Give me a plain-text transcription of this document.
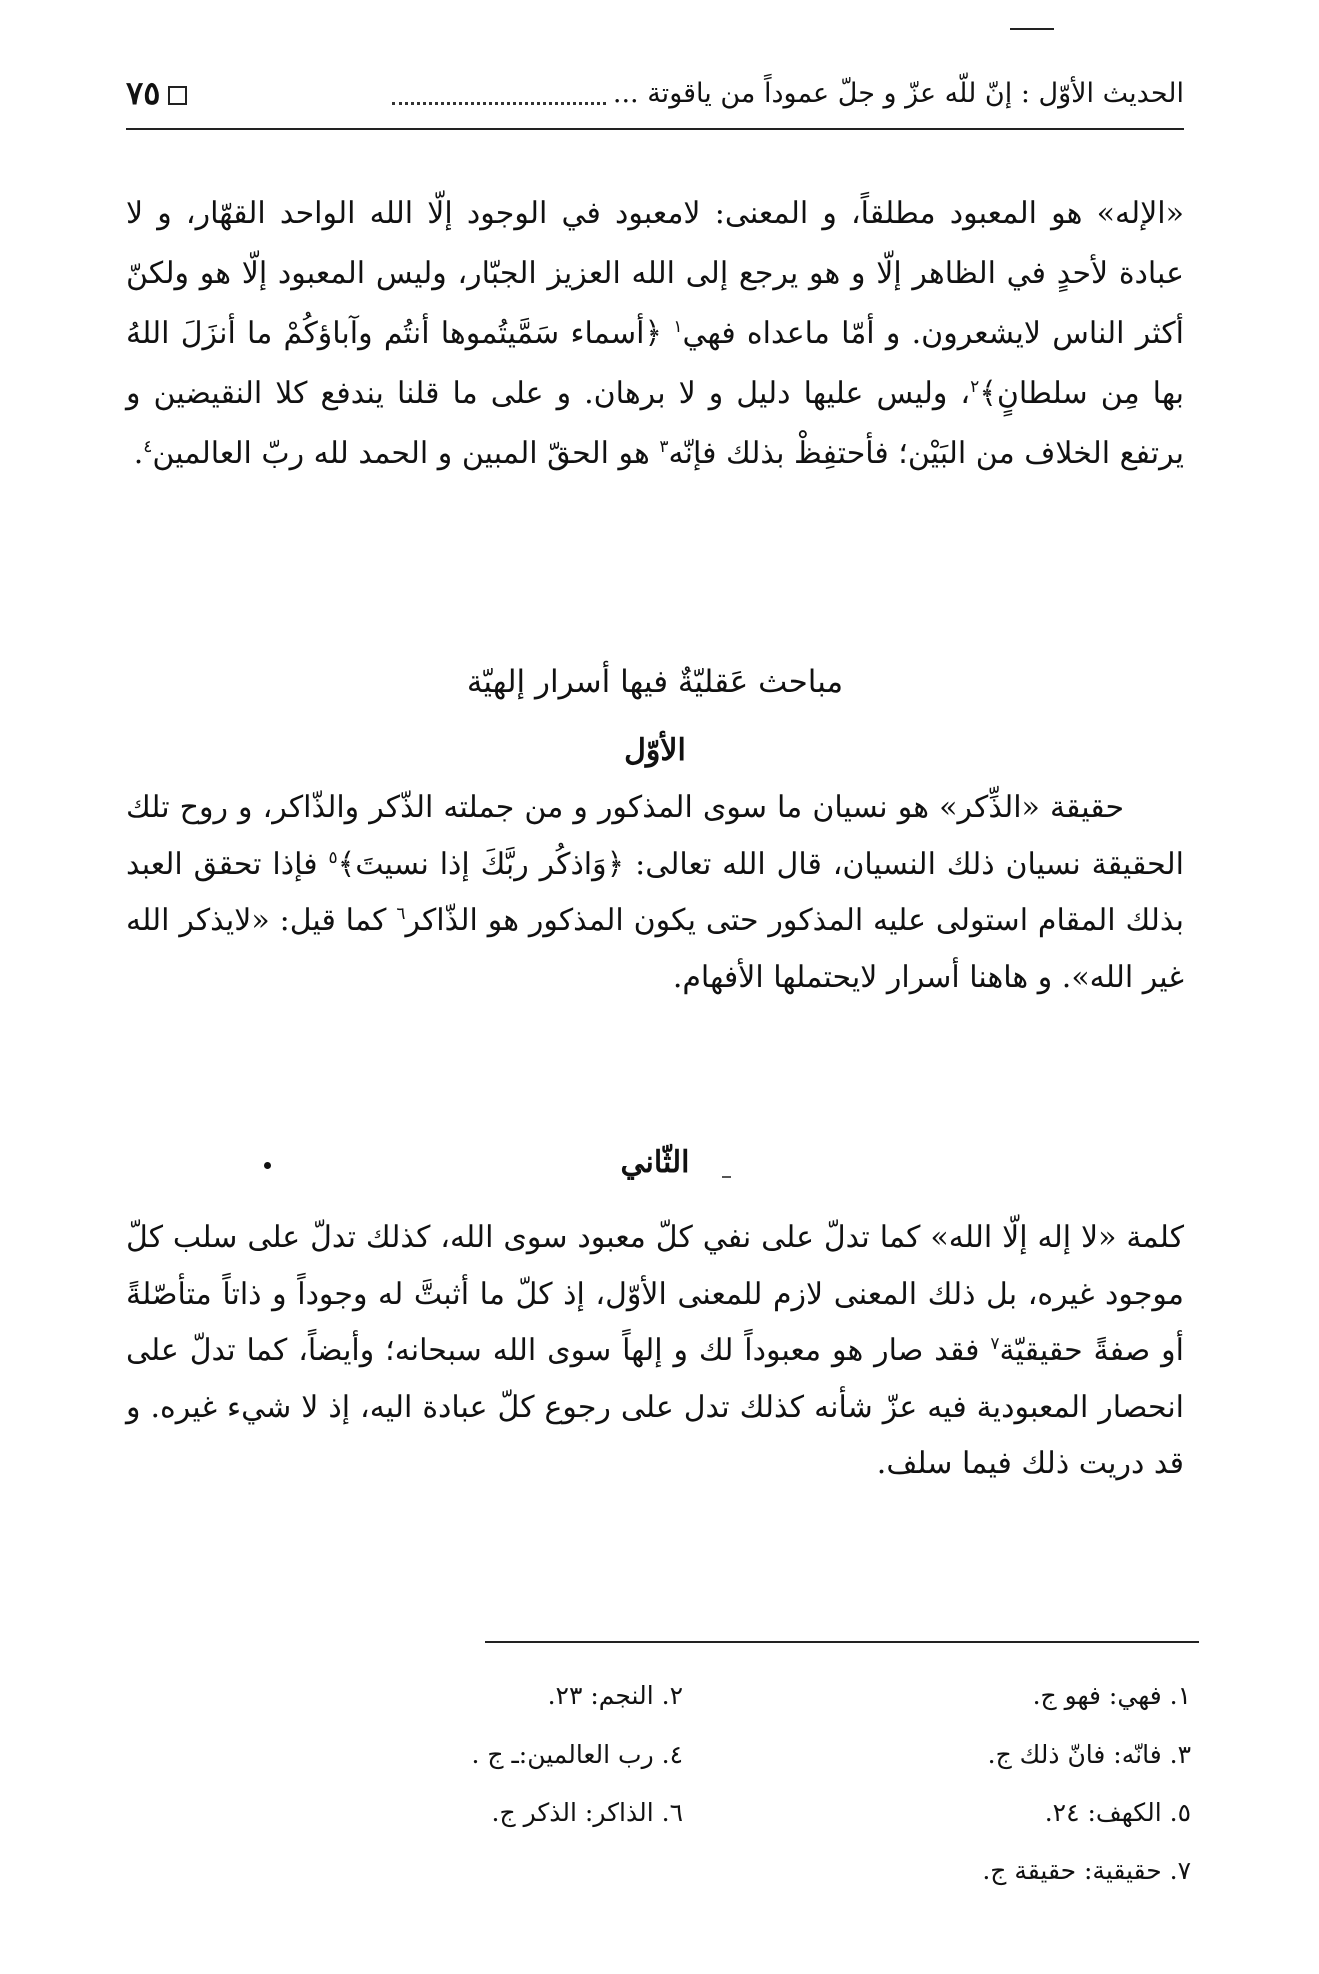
الحديث الأوّل : إنّ للّه عزّ و جلّ عموداً من ياقوتة ...
٧٥

«الإله» هو المعبود مطلقاً، و المعنى: لامعبود في الوجود إلّا الله الواحد القهّار، و لا عبادة لأحدٍ في الظاهر إلّا و هو يرجع إلى الله العزيز الجبّار، وليس المعبود إلّا هو ولكنّ أكثر الناس لايشعرون. و أمّا ماعداه فهي$^١$ ﴿أسماء سَمَّيتُموها أنتُم وآباؤكُمْ ما أنزَلَ اللهُ بها مِن سلطانٍ﴾$^٢$، وليس عليها دليل و لا برهان. و على ما قلنا يندفع كلا النقيضين و يرتفع الخلاف من البَيْن؛ فأحتفِظْ بذلك فإنّه$^٣$ هو الحقّ المبين و الحمد لله ربّ العالمين$^٤$.

مباحث عَقليّةٌ فيها أسرار إلهيّة
الأوّل

حقيقة «الذِّكر» هو نسيان ما سوى المذكور و من جملته الذّكر والذّاكر، و روح تلك الحقيقة نسيان ذلك النسيان، قال الله تعالى: ﴿وَاذكُر ربَّكَ إذا نسيتَ﴾$^٥$ فإذا تحقق العبد بذلك المقام استولى عليه المذكور حتى يكون المذكور هو الذّاكر$^٦$ كما قيل: «لايذكر الله غير الله». و هاهنا أسرار لايحتملها الأفهام.

الثّاني

كلمة «لا إله إلّا الله» كما تدلّ على نفي كلّ معبود سوى الله، كذلك تدلّ على سلب كلّ موجود غيره، بل ذلك المعنى لازم للمعنى الأوّل، إذ كلّ ما أثبتَّ له وجوداً و ذاتاً متأصّلةً أو صفةً حقيقيّة$^٧$ فقد صار هو معبوداً لك و إلهاً سوى الله سبحانه؛ وأيضاً، كما تدلّ على انحصار المعبودية فيه عزّ شأنه كذلك تدل على رجوع كلّ عبادة اليه، إذ لا شيء غيره. و قد دريت ذلك فيما سلف.

١. فهي: فهو ج.
٢. النجم: ٢٣.
٣. فانّه: فانّ ذلك ج.
٤. رب العالمين:ـ ج .
٥. الكهف: ٢٤.
٦. الذاكر: الذكر ج.
٧. حقيقية: حقيقة ج.
